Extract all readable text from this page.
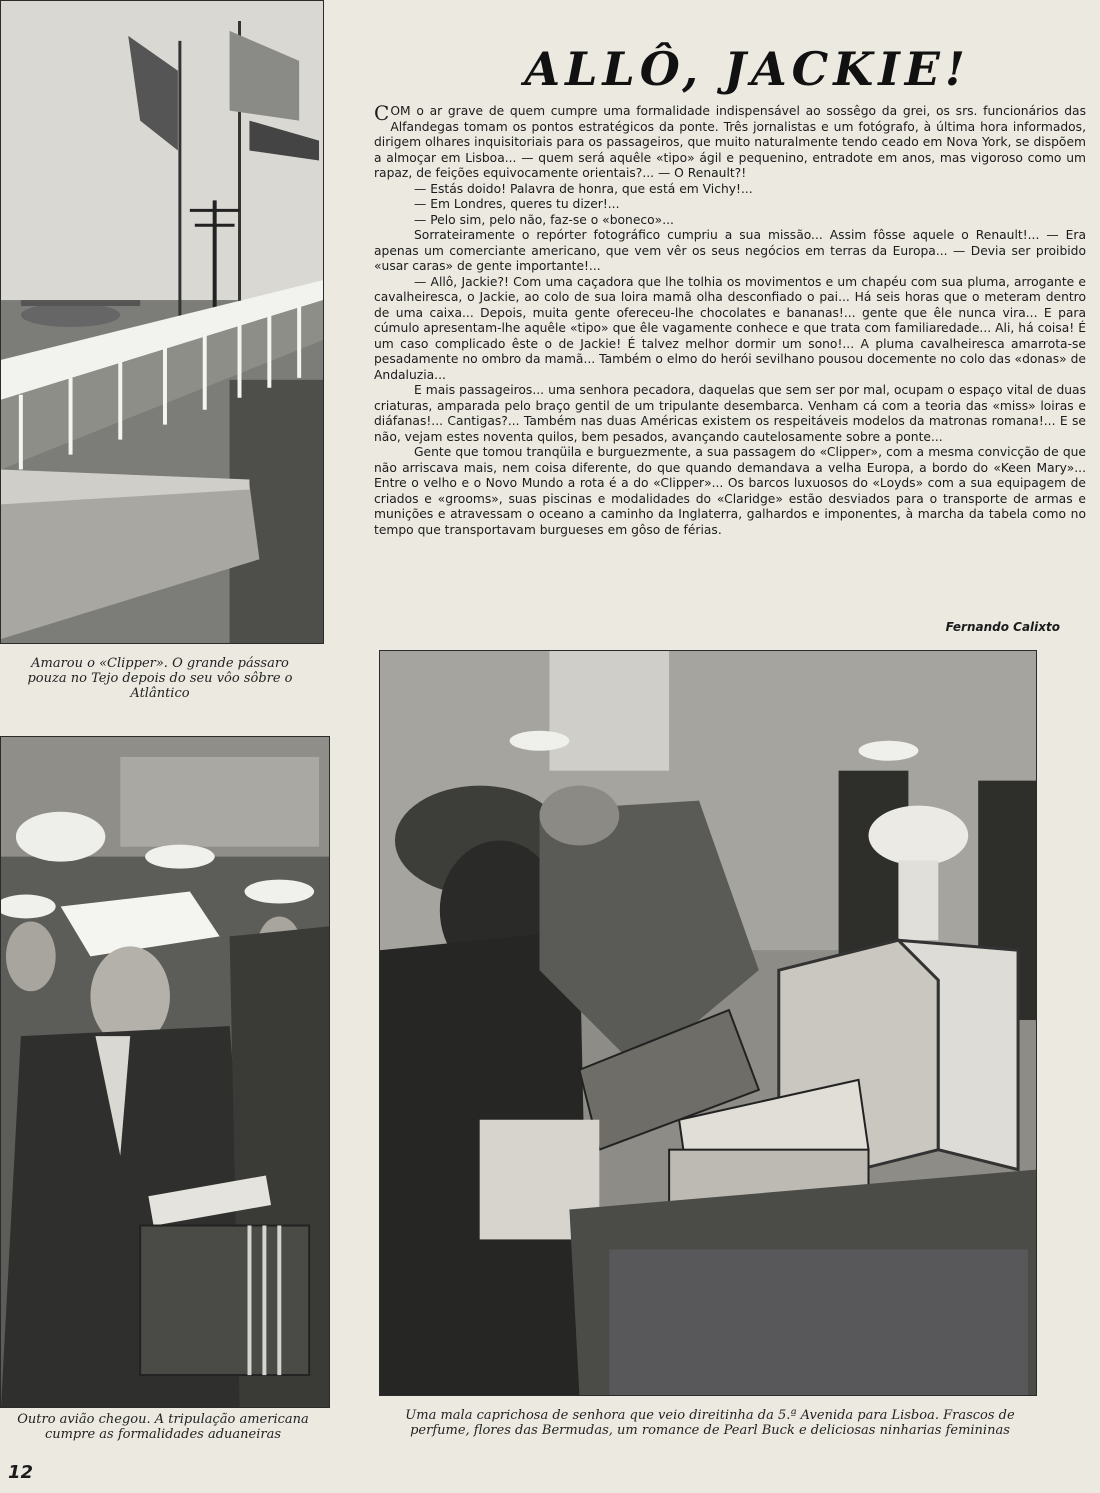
Amarou o «Clipper». O grande pássaro pouza no Tejo depois do seu vôo sôbre o Atlântico
ALLÔ, JACKIE!

COM o ar grave de quem cumpre uma formalidade indispensável ao sossêgo da grei, os srs. funcionários das Alfandegas tomam os pontos estratégicos da ponte. Três jornalistas e um fotógrafo, à última hora informados, dirigem olhares inquisitoriais para os passageiros, que muito naturalmente tendo ceado em Nova York, se dispõem a almoçar em Lisboa... — quem será aquêle «tipo» ágil e pequenino, entradote em anos, mas vigoroso como um rapaz, de feições equivocamente orientais?... — O Renault?!

— Estás doido! Palavra de honra, que está em Vichy!...

— Em Londres, queres tu dizer!...

— Pelo sim, pelo não, faz-se o «boneco»...

Sorrateiramente o repórter fotográfico cumpriu a sua missão... Assim fôsse aquele o Renault!... — Era apenas um comerciante americano, que vem vêr os seus negócios em terras da Europa... — Devia ser proibido «usar caras» de gente importante!...

— Allô, Jackie?! Com uma caçadora que lhe tolhia os movimentos e um chapéu com sua pluma, arrogante e cavalheiresca, o Jackie, ao colo de sua loira mamã olha desconfiado o pai... Há seis horas que o meteram dentro de uma caixa... Depois, muita gente ofereceu-lhe chocolates e bananas!... gente que êle nunca vira... E para cúmulo apresentam-lhe aquêle «tipo» que êle vagamente conhece e que trata com familiaredade... Ali, há coisa! É um caso complicado êste o de Jackie! É talvez melhor dormir um sono!... A pluma cavalheiresca amarrota-se pesadamente no ombro da mamã... Também o elmo do herói sevilhano pousou docemente no colo das «donas» de Andaluzia...

E mais passageiros... uma senhora pecadora, daquelas que sem ser por mal, ocupam o espaço vital de duas criaturas, amparada pelo braço gentil de um tripulante desembarca. Venham cá com a teoria das «miss» loiras e diáfanas!... Cantigas?... Também nas duas Américas existem os respeitáveis modelos da matronas romana!... E se não, vejam estes noventa quilos, bem pesados, avançando cautelosamente sobre a ponte...

Gente que tomou tranqüila e burguezmente, a sua passagem do «Clipper», com a mesma convicção de que não arriscava mais, nem coisa diferente, do que quando demandava a velha Europa, a bordo do «Keen Mary»... Entre o velho e o Novo Mundo a rota é a do «Clipper»... Os barcos luxuosos do «Loyds» com a sua equipagem de criados e «grooms», suas piscinas e modalidades do «Claridge» estão desviados para o transporte de armas e munições e atravessam o oceano a caminho da Inglaterra, galhardos e imponentes, à marcha da tabela como no tempo que transportavam burgueses em gôso de férias.

Fernando Calixto
Outro avião chegou. A tripulação americana cumpre as formalidades aduaneiras
Uma mala caprichosa de senhora que veio direitinha da 5.ª Avenida para Lisboa. Frascos de perfume, flores das Bermudas, um romance de Pearl Buck e deliciosas ninharias femininas
12
